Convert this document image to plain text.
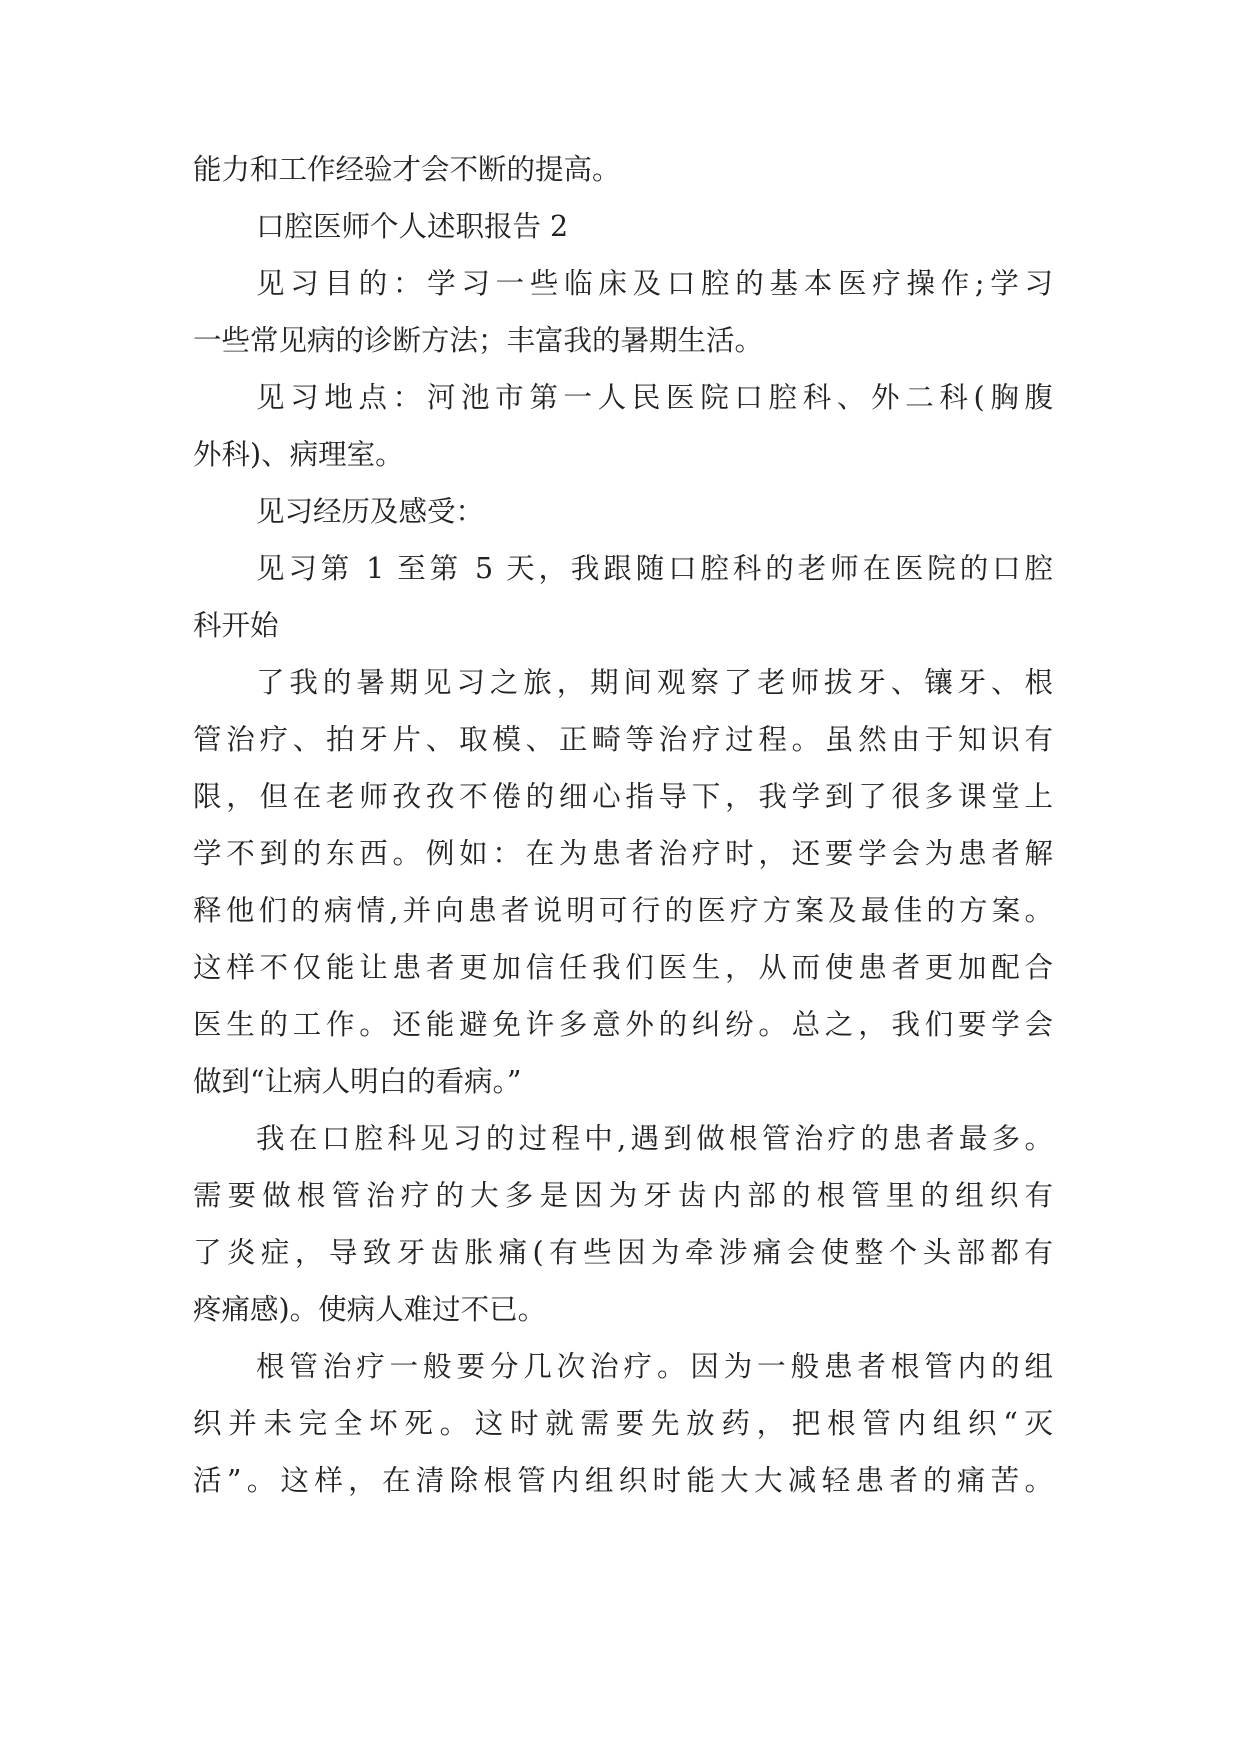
能力和工作经验才会不断的提高。
口腔医师个人述职报告 2
见习目的：学习一些临床及口腔的基本医疗操作;学习
一些常见病的诊断方法；丰富我的暑期生活。
见习地点：河池市第一人民医院口腔科、外二科(胸腹
外科)、病理室。
见习经历及感受：
见习第 1 至第 5 天，我跟随口腔科的老师在医院的口腔
科开始
了我的暑期见习之旅，期间观察了老师拔牙、镶牙、根
管治疗、拍牙片、取模、正畸等治疗过程。虽然由于知识有
限，但在老师孜孜不倦的细心指导下，我学到了很多课堂上
学不到的东西。例如：在为患者治疗时，还要学会为患者解
释他们的病情,并向患者说明可行的医疗方案及最佳的方案。
这样不仅能让患者更加信任我们医生，从而使患者更加配合
医生的工作。还能避免许多意外的纠纷。总之，我们要学会
做到“让病人明白的看病。”
我在口腔科见习的过程中,遇到做根管治疗的患者最多。
需要做根管治疗的大多是因为牙齿内部的根管里的组织有
了炎症，导致牙齿胀痛(有些因为牵涉痛会使整个头部都有
疼痛感)。使病人难过不已。
根管治疗一般要分几次治疗。因为一般患者根管内的组
织并未完全坏死。这时就需要先放药，把根管内组织“灭
活”。这样，在清除根管内组织时能大大减轻患者的痛苦。
